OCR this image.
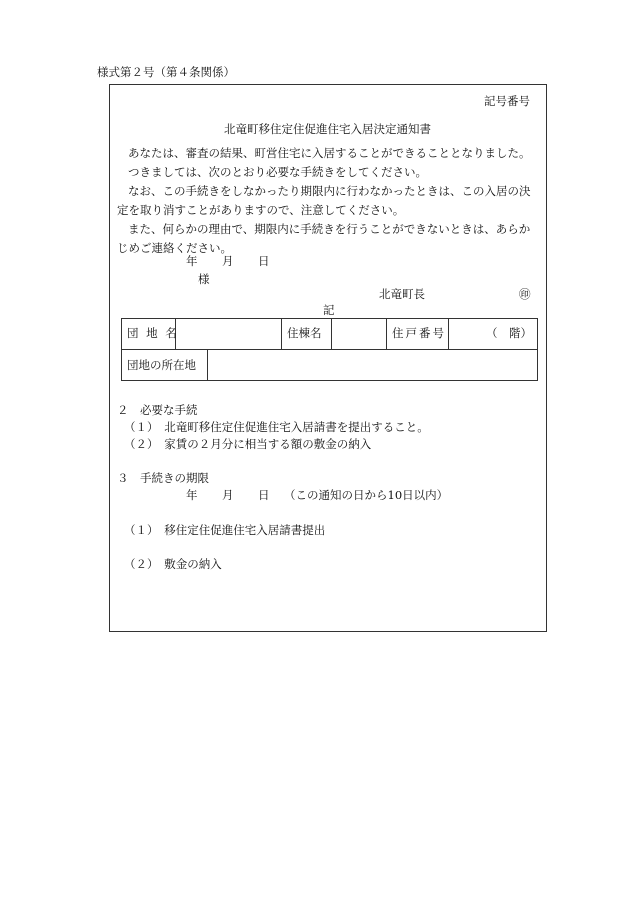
様式第２号（第４条関係）
記号番号
北竜町移住定住促進住宅入居決定通知書
あなたは、審査の結果、町営住宅に入居することができることとなりました。
つきましては、次のとおり必要な手続きをしてください。
なお、この手続きをしなかったり期限内に行わなかったときは、この入居の決
定を取り消すことがありますので、注意してください。
また、何らかの理由で、期限内に手続きを行うことができないときは、あらか
じめご連絡ください。
年 月 日
様
北竜町長	㊞
記
団 地 名		住棟名		住戸番号	（　階）

団地の所在地
２　必要な手続
（１）　北竜町移住定住促進住宅入居請書を提出すること。
（２）　家賃の２月分に相当する額の敷金の納入
３　手続きの期限
年 月 日 （この通知の日から10日以内）
（１）　移住定住促進住宅入居請書提出
（２）　敷金の納入
